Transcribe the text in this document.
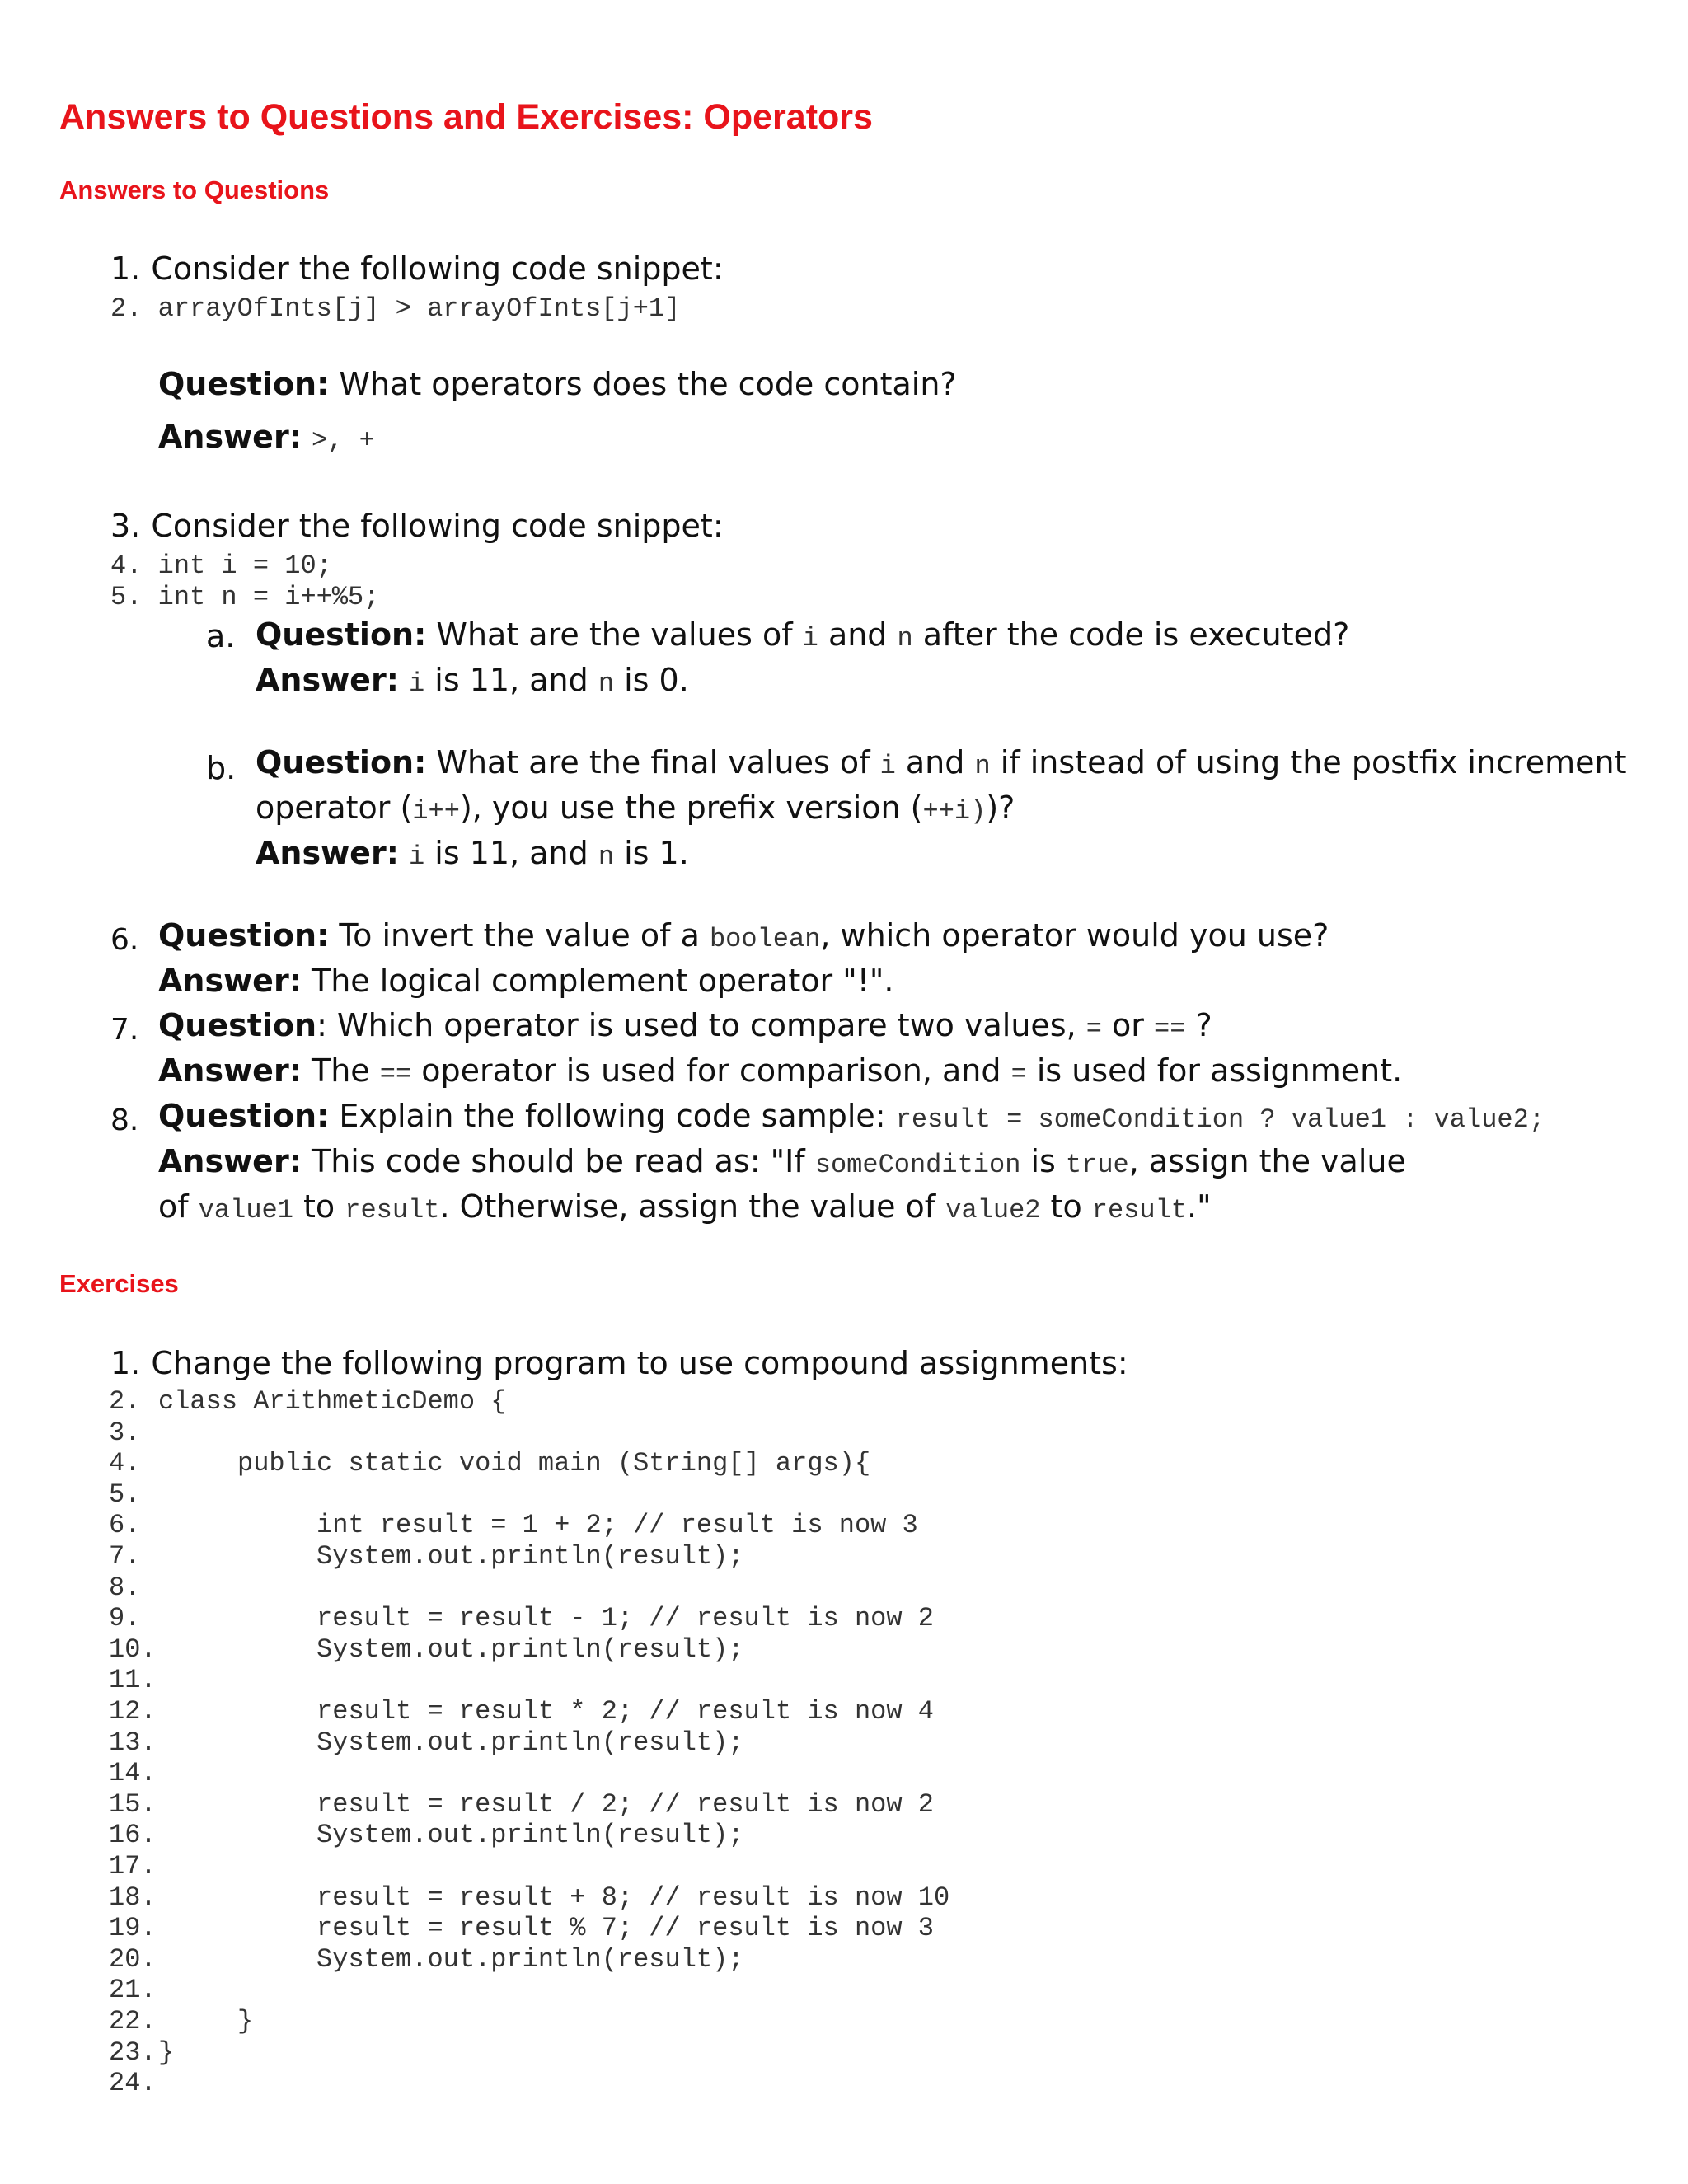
Answers to Questions and Exercises: Operators
Answers to Questions
1. Consider the following code snippet:
2. arrayOfInts[j] > arrayOfInts[j+1]
Question: What operators does the code contain?
Answer: >, +
3. Consider the following code snippet:
4. int i = 10;
5. int n = i++%5;
a. Question: What are the values of i and n after the code is executed?
Answer: i is 11, and n is 0.
b. Question: What are the final values of i and n if instead of using the postfix increment
operator (i++), you use the prefix version (++i))?
Answer: i is 11, and n is 1.
6. Question: To invert the value of a boolean, which operator would you use?
Answer: The logical complement operator "!".
7. Question: Which operator is used to compare two values, = or == ?
Answer: The == operator is used for comparison, and = is used for assignment.
8. Question: Explain the following code sample: result = someCondition ? value1 : value2;
Answer: This code should be read as: "If someCondition is true, assign the value
of value1 to result. Otherwise, assign the value of value2 to result."
Exercises
1. Change the following program to use compound assignments:
2. class ArithmeticDemo {
3.
4. public static void main (String[] args){
5.
6. int result = 1 + 2; // result is now 3
7. System.out.println(result);
8.
9. result = result - 1; // result is now 2
10. System.out.println(result);
11.
12. result = result * 2; // result is now 4
13. System.out.println(result);
14.
15. result = result / 2; // result is now 2
16. System.out.println(result);
17.
18. result = result + 8; // result is now 10
19. result = result % 7; // result is now 3
20. System.out.println(result);
21.
22. }
23. }
24.
